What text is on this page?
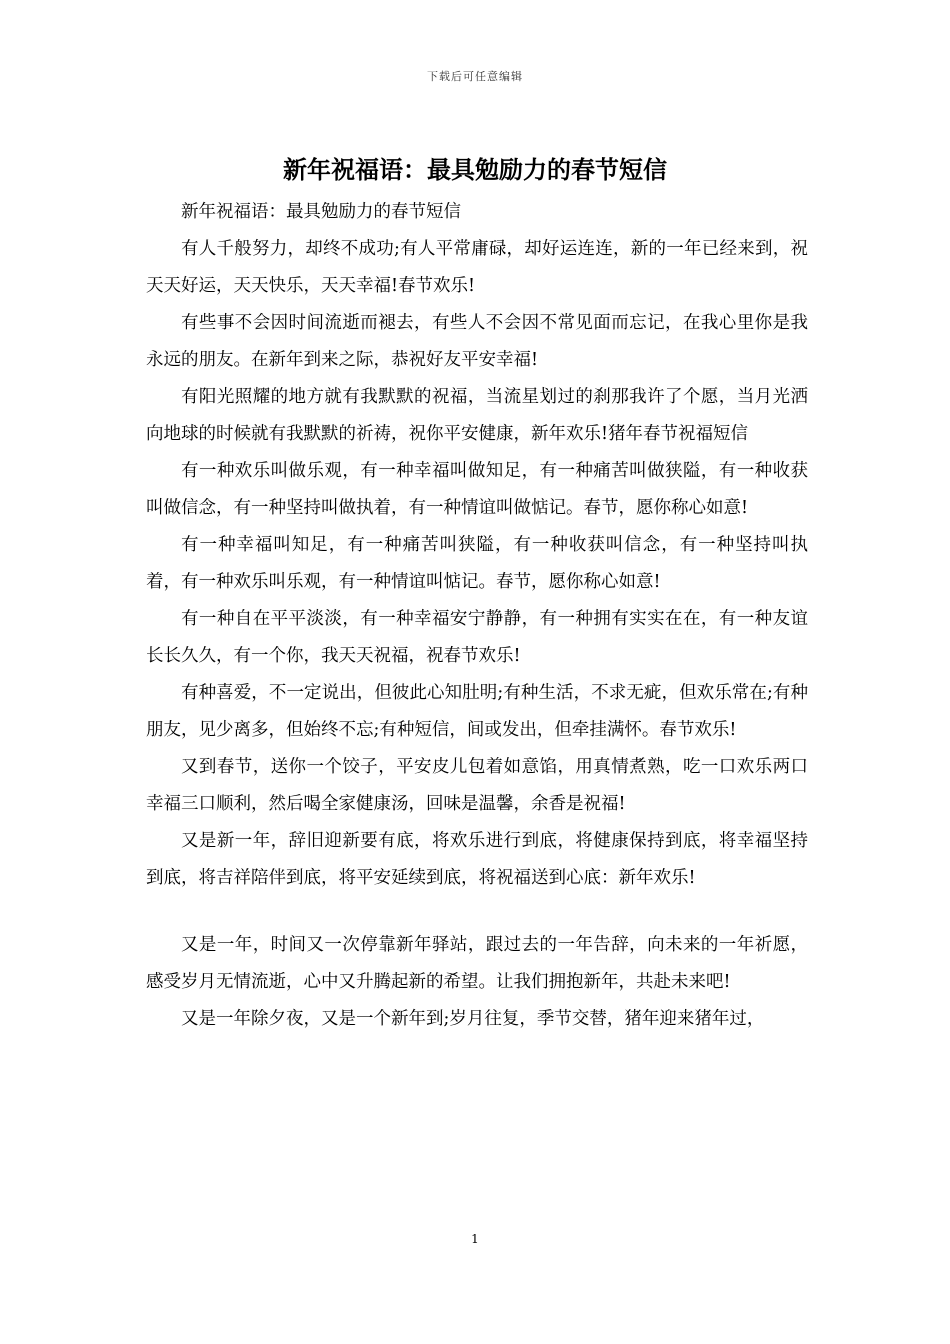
下载后可任意编辑
新年祝福语：最具勉励力的春节短信

新年祝福语：最具勉励力的春节短信

有人千般努力，却终不成功;有人平常庸碌，却好运连连，新的一年已经来到，祝天天好运，天天快乐，天天幸福!春节欢乐!

有些事不会因时间流逝而褪去，有些人不会因不常见面而忘记，在我心里你是我永远的朋友。在新年到来之际，恭祝好友平安幸福!

有阳光照耀的地方就有我默默的祝福，当流星划过的刹那我许了个愿，当月光洒向地球的时候就有我默默的祈祷，祝你平安健康，新年欢乐!猪年春节祝福短信

有一种欢乐叫做乐观，有一种幸福叫做知足，有一种痛苦叫做狭隘，有一种收获叫做信念，有一种坚持叫做执着，有一种情谊叫做惦记。春节，愿你称心如意!

有一种幸福叫知足，有一种痛苦叫狭隘，有一种收获叫信念，有一种坚持叫执着，有一种欢乐叫乐观，有一种情谊叫惦记。春节，愿你称心如意!

有一种自在平平淡淡，有一种幸福安宁静静，有一种拥有实实在在，有一种友谊长长久久，有一个你，我天天祝福，祝春节欢乐!

有种喜爱，不一定说出，但彼此心知肚明;有种生活，不求无疵，但欢乐常在;有种朋友，见少离多，但始终不忘;有种短信，间或发出，但牵挂满怀。春节欢乐!

又到春节，送你一个饺子，平安皮儿包着如意馅，用真情煮熟，吃一口欢乐两口幸福三口顺利，然后喝全家健康汤，回味是温馨，余香是祝福!

又是新一年，辞旧迎新要有底，将欢乐进行到底，将健康保持到底，将幸福坚持到底，将吉祥陪伴到底，将平安延续到底，将祝福送到心底：新年欢乐!

又是一年，时间又一次停靠新年驿站，跟过去的一年告辞，向未来的一年祈愿，感受岁月无情流逝，心中又升腾起新的希望。让我们拥抱新年，共赴未来吧!

又是一年除夕夜，又是一个新年到;岁月往复，季节交替，猪年迎来猪年过，

1
